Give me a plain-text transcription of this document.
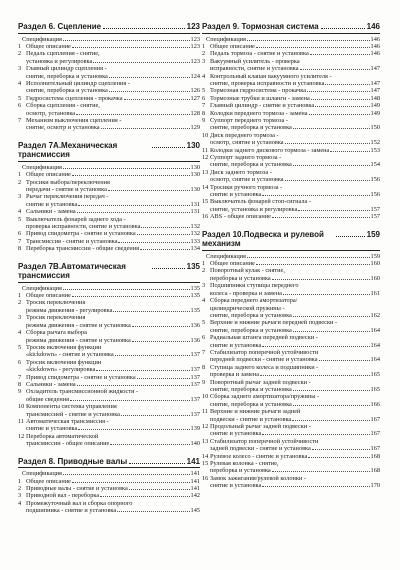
Раздел 6. Сцепление	123
Спецификация	123
1 Общее описание	123
2 Педаль сцепления - снятие,
установка и регулировка	123
3 Главный цилиндр сцепления -
снятие, переборка и установка	124
4 Исполнительный цилиндр сцепления -
снятие, переборка и установка	126
5 Гидросистема сцепления - прокачка	127
6 Сборка сцепления - снятие,
осмотр, установка	128
7 Механизм выключения сцепления -
снятие, осмотр и установка	129
Раздел 7А.Механическая трансмиссия
130
Спецификация	130
1 Общее описание	130
2 Тросики выбора/переключения
передачи - снятие и установка	130
3 Рычаг переключения передач -
снятие и установка	131
4 Сальники - замена	131
5 Выключатель фонарей заднего хода -
проверка исправности, снятие и установка	132
6 Привод спидометра - снятие и установка	132
7 Трансмиссия - снятие и установка	133
8 Переборка трансмиссии - общие сведения	134
Раздел 7В.Автоматическая трансмиссия
135
Спецификация	135
1 Общее описание	135
2 Тросик переключения
режима движения - регулировка	135
3 Тросик переключения
режима движения - снятие и установка	136
4 Сборка рычага выбора
режима движения - снятие и установка	136
5 Тросик включения функции
«kickdown» - снятие и установка	137
6 Тросик включения функции
«kickdown» - регулировка	137
7 Привод спидометра - снятие и установка	137
8 Сальники - замена	137
9 Охладитель трансмиссионной жидкости -
общие сведения	137
10 Компоненты системы управления
трансмиссией - снятие и установка	137
11 Автоматическая трансмиссия -
снятие и установка	139
12 Переборка автоматической
трансмиссии - общее описание	140
Раздел 8. Приводные валы	141
Спецификация	141
1 Общее описание	141
2 Приводные валы - снятие и установка	141
3 Приводной вал - переборка	142
4 Промежуточный вал и сборка опорного
подшипника - снятие и установка	145
Раздел 9. Тормозная система	146
Спецификация	146
1 Общее описание	146
2 Педаль тормоза - снятие и установка	146
3 Вакуумный усилитель - проверка
исправности, снятие и установка	147
4 Контрольный клапан вакуумного усилителя -
снятие, проверка исправности и установка	147
5 Тормозная гидросистема - прокачка	147
6 Тормозные трубки и шланги - замена	148
7 Главный цилиндр - снятие и установка	149
8 Колодки переднего тормоза - замена	149
9 Суппорт переднего тормоза -
снятие, переборка и установка	150
10 Диск переднего тормоза -
осмотр, снятие и установка	152
11 Колодки заднего дискового тормоза - замена	153
12 Суппорт заднего тормоза -
снятие, переборка и установка	154
13 Диск заднего тормоза -
осмотр, снятие и установка	156
14 Тросики ручного тормоза -
снятие и установка	156
15 Выключатель фонарей стоп-сигнала -
снятие, установка и регулировка	157
16 ABS - общее описание	157
Раздел 10.Подвеска и рулевой механизм
159
Спецификация	159
1 Общее описание	160
2 Поворотный кулак - снятие,
переборка и установка	160
3 Подшипники ступицы переднего
колеса - проверка и замена	161
4 Сборка переднего амортизатора/
цилиндрической пружины -
снятие, переборка и установка	162
5 Верхние и нижние рычаги передней подвески -
снятие, переборка и установка	164
6 Радиальная штанга передней подвески -
снятие и установка	164
7 Стабилизатор поперечной устойчивости
передней подвески - снятие и установка	164
8 Ступица заднего колеса и подшипники -
проверка и замена	165
9 Поворотный рычаг задней подвески -
снятие, переборка и установка	165
10 Сборка заднего амортизатора/пружины -
снятие, переборка и установка	166
11 Верхние и нижние рычаги задней
подвески - снятие и установка	167
12 Продольный рычаг задней подвески -
снятие и установка	167
13 Стабилизатор поперечной устойчивости
задней подвески - снятие и установка	167
14 Рулевое колесо - снятие и установка	168
15 Рулевая колонка - снятие,
переборка и установка	168
16 Замок зажигания/рулевой колонки -
снятие и установка	170
